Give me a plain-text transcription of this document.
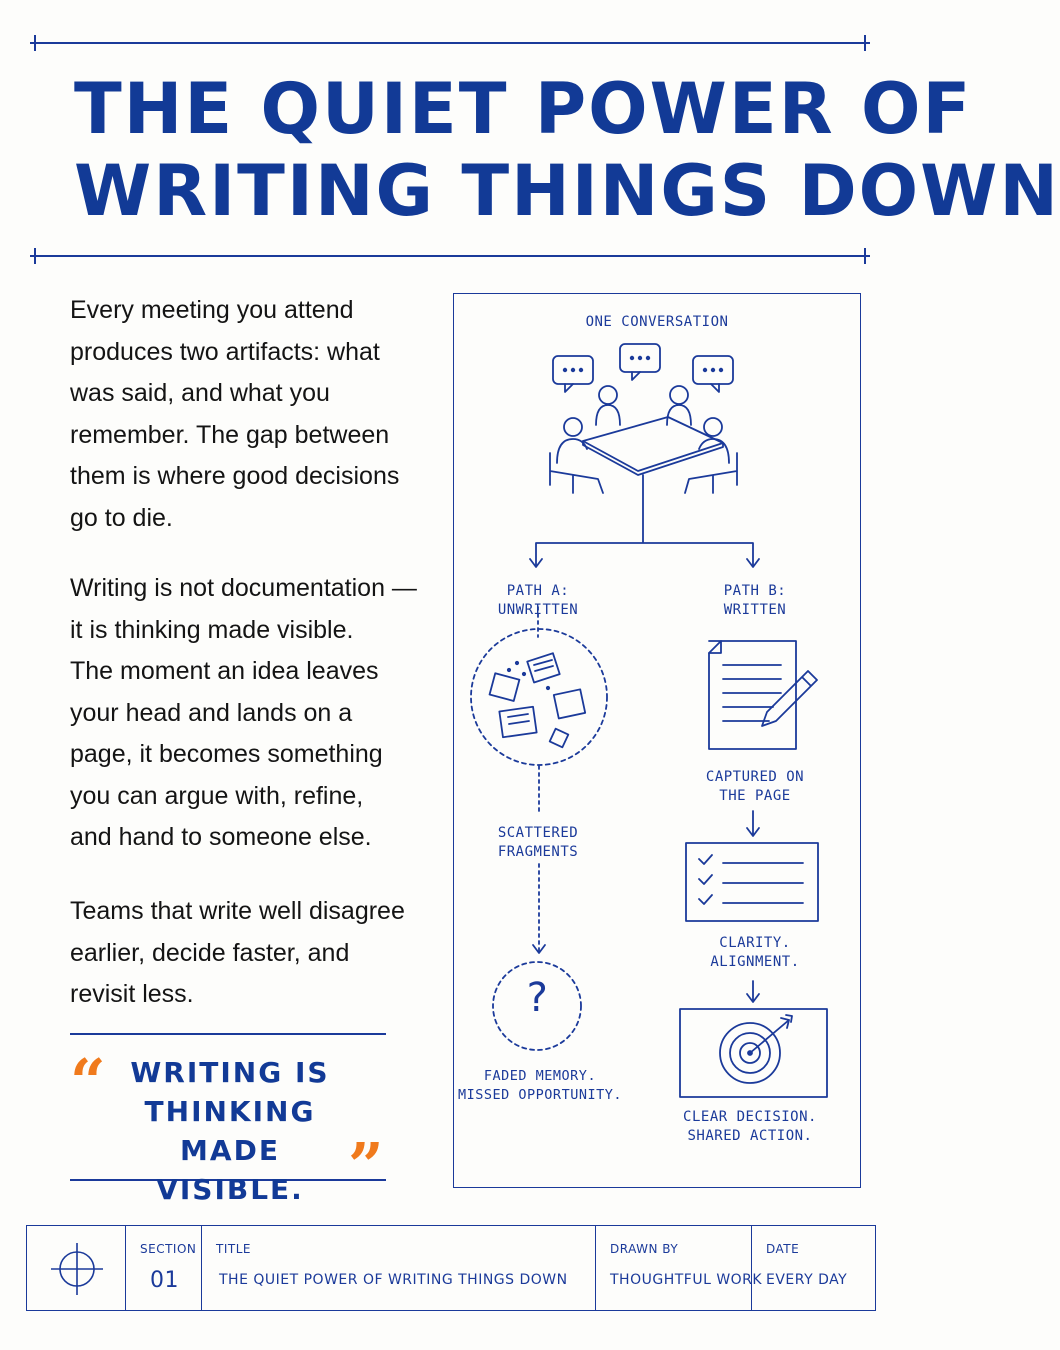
THE QUIET POWER OF
WRITING THINGS DOWN
Every meeting you attend
produces two artifacts: what
was said, and what you
remember. The gap between
them is where good decisions
go to die.
Writing is not documentation —
it is thinking made visible.
The moment an idea leaves
your head and lands on a
page, it becomes something
you can argue with, refine,
and hand to someone else.
Teams that write well disagree
earlier, decide faster, and
revisit less.
“ WRITING IS
THINKING MADE
VISIBLE. ”
ONE CONVERSATION
PATH A:
UNWRITTEN
PATH B:
WRITTEN
SCATTERED
FRAGMENTS
?
FADED MEMORY.
MISSED OPPORTUNITY.
CAPTURED ON
THE PAGE
CLARITY.
ALIGNMENT.
CLEAR DECISION.
SHARED ACTION.
SECTION
01
TITLE
THE QUIET POWER OF WRITING THINGS DOWN
DRAWN BY
THOUGHTFUL WORK
DATE
EVERY DAY
